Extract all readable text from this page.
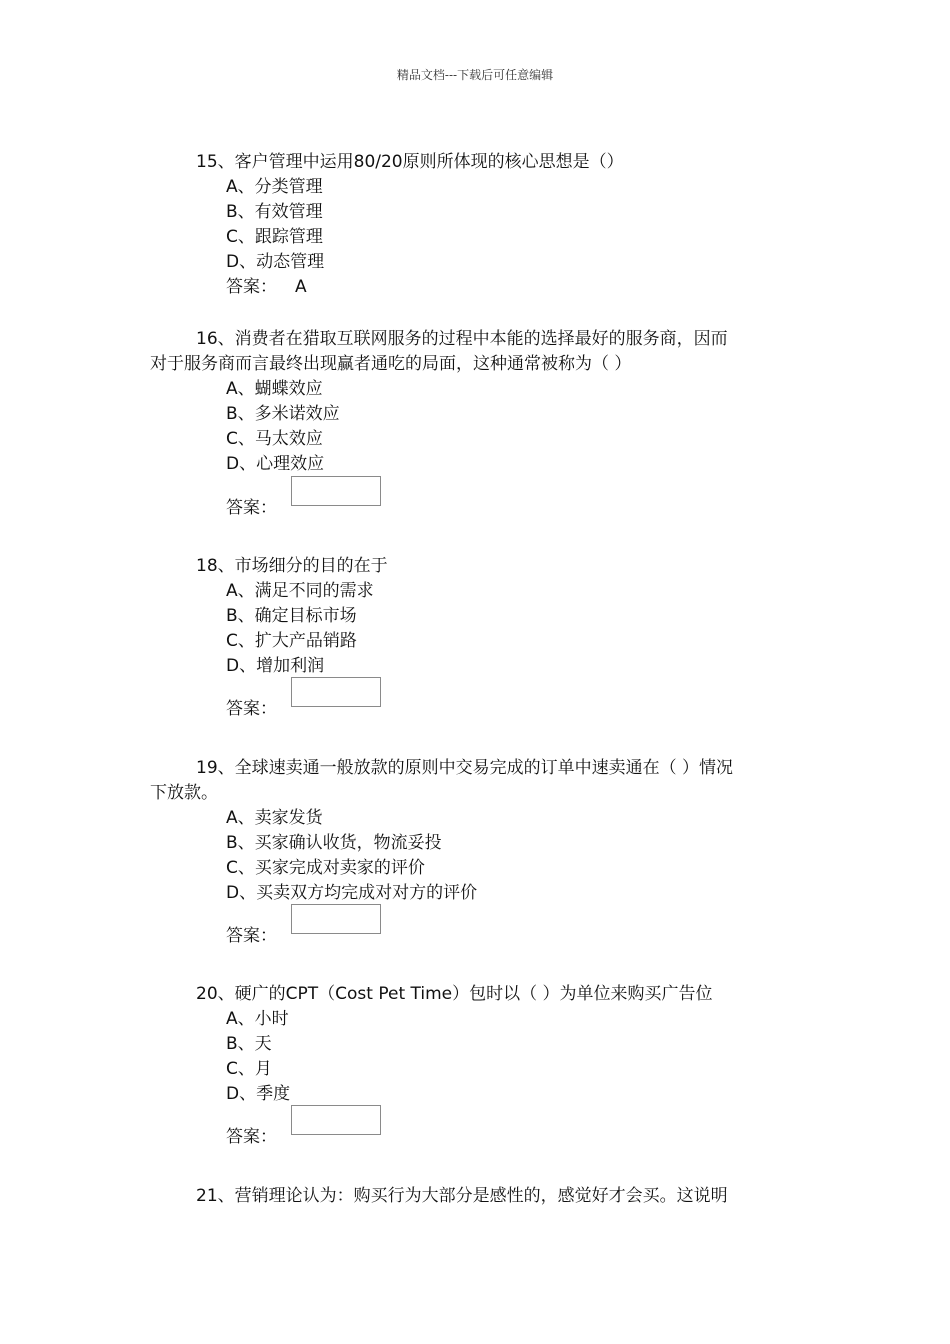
精品文档---下载后可任意编辑
15、客户管理中运用80/20原则所体现的核心思想是（）
A、分类管理
B、有效管理
C、跟踪管理
D、动态管理
答案： A
16、消费者在猎取互联网服务的过程中本能的选择最好的服务商，因而
对于服务商而言最终出现赢者通吃的局面，这种通常被称为（ ）
A、蝴蝶效应
B、多米诺效应
C、马太效应
D、心理效应
答案：
18、市场细分的目的在于
A、满足不同的需求
B、确定目标市场
C、扩大产品销路
D、增加利润
答案：
19、全球速卖通一般放款的原则中交易完成的订单中速卖通在（ ）情况
下放款。
A、卖家发货
B、买家确认收货，物流妥投
C、买家完成对卖家的评价
D、买卖双方均完成对对方的评价
答案：
20、硬广的CPT（Cost Pet Time）包时以（ ）为单位来购买广告位
A、小时
B、天
C、月
D、季度
答案：
21、营销理论认为：购买行为大部分是感性的，感觉好才会买。这说明
